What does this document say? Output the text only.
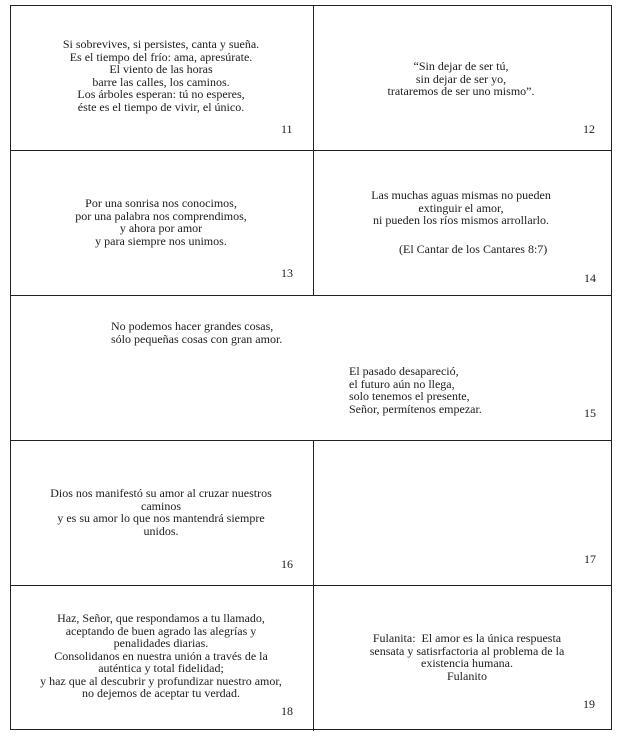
Si sobrevives, si persistes, canta y sueña.
Es el tiempo del frío: ama, apresúrate.
El viento de las horas
barre las calles, los caminos.
Los árboles esperan: tú no esperes,
éste es el tiempo de vivir, el único.
11
“Sin dejar de ser tú,
sin dejar de ser yo,
trataremos de ser uno mismo”.
12
Por una sonrisa nos conocimos,
por una palabra nos comprendimos,
y ahora por amor
y para siempre nos unimos.
13
Las muchas aguas mismas no pueden
extinguir el amor,
ni pueden los ríos mismos arrollarlo.
(El Cantar de los Cantares 8:7)
14
No podemos hacer grandes cosas,
sólo pequeñas cosas con gran amor.
El pasado desapareció,
el futuro aún no llega,
solo tenemos el presente,
Señor, permítenos empezar.	15
Dios nos manifestó su amor al cruzar nuestros
caminos
y es su amor lo que nos mantendrá siempre
unidos.
16	17
Haz, Señor, que respondamos a tu llamado,
aceptando de buen agrado las alegrías y
penalidades diarias.
Consolidanos en nuestra unión a través de la
auténtica y total fidelidad;
y haz que al descubrir y profundizar nuestro amor,
no dejemos de aceptar tu verdad.
18
Fulanita:  El amor es la única respuesta
sensata y satisrfactoria al problema de la
existencia humana.
Fulanito
19
